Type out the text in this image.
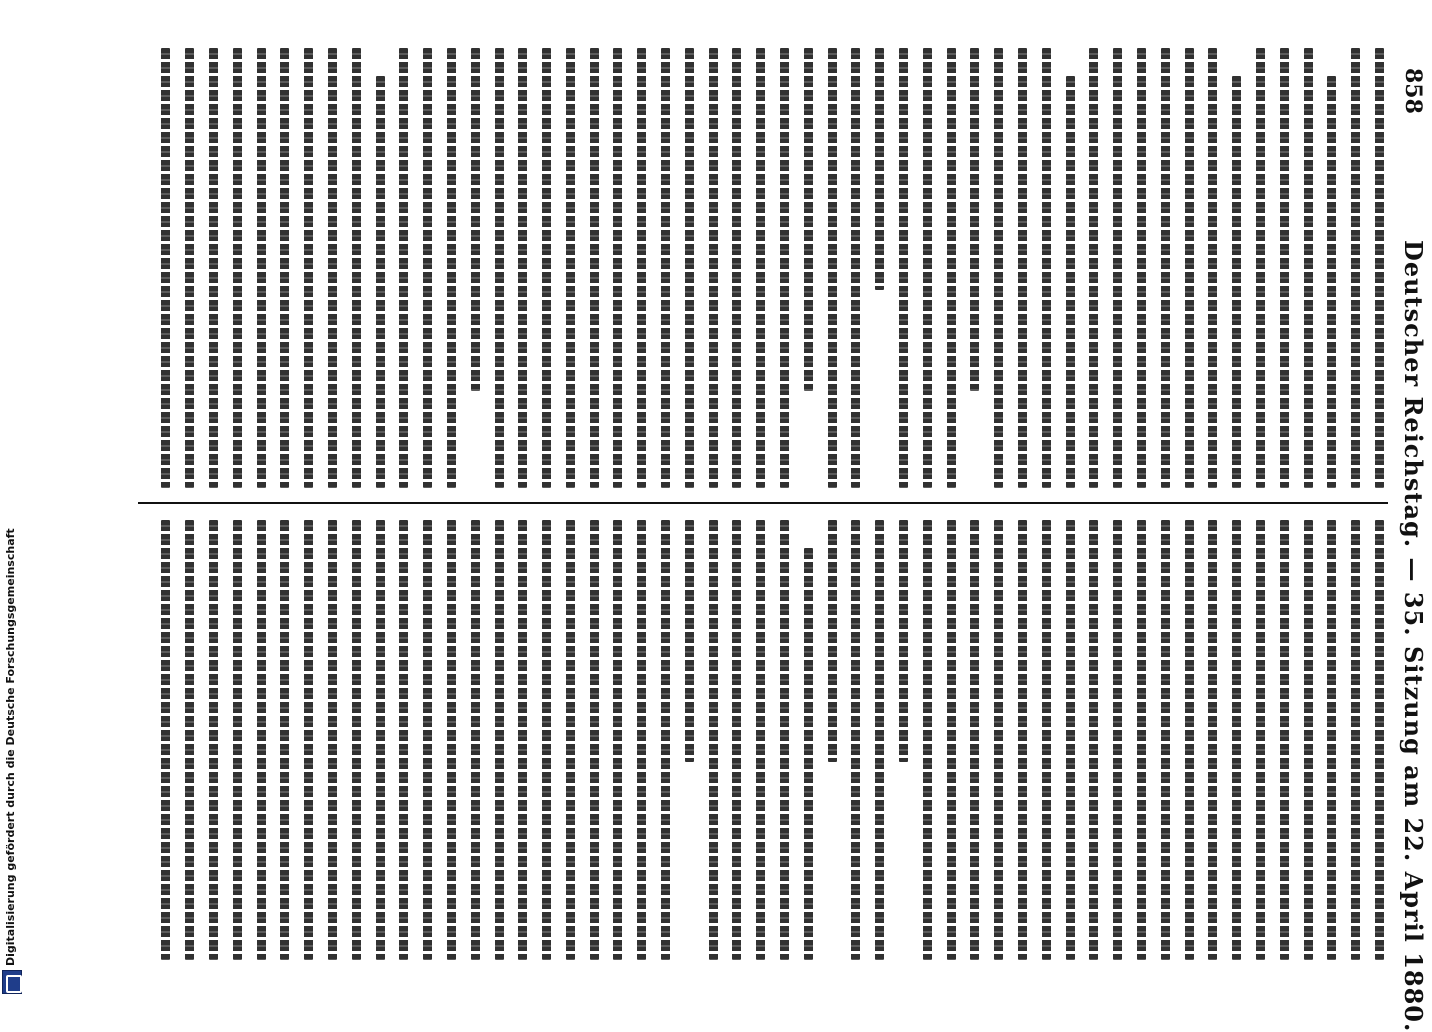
Digitalisierung gefördert durch die Deutsche Forschungsgemeinschaft
858
Deutscher Reichstag. — 35. Sitzung am 22. April 1880.
